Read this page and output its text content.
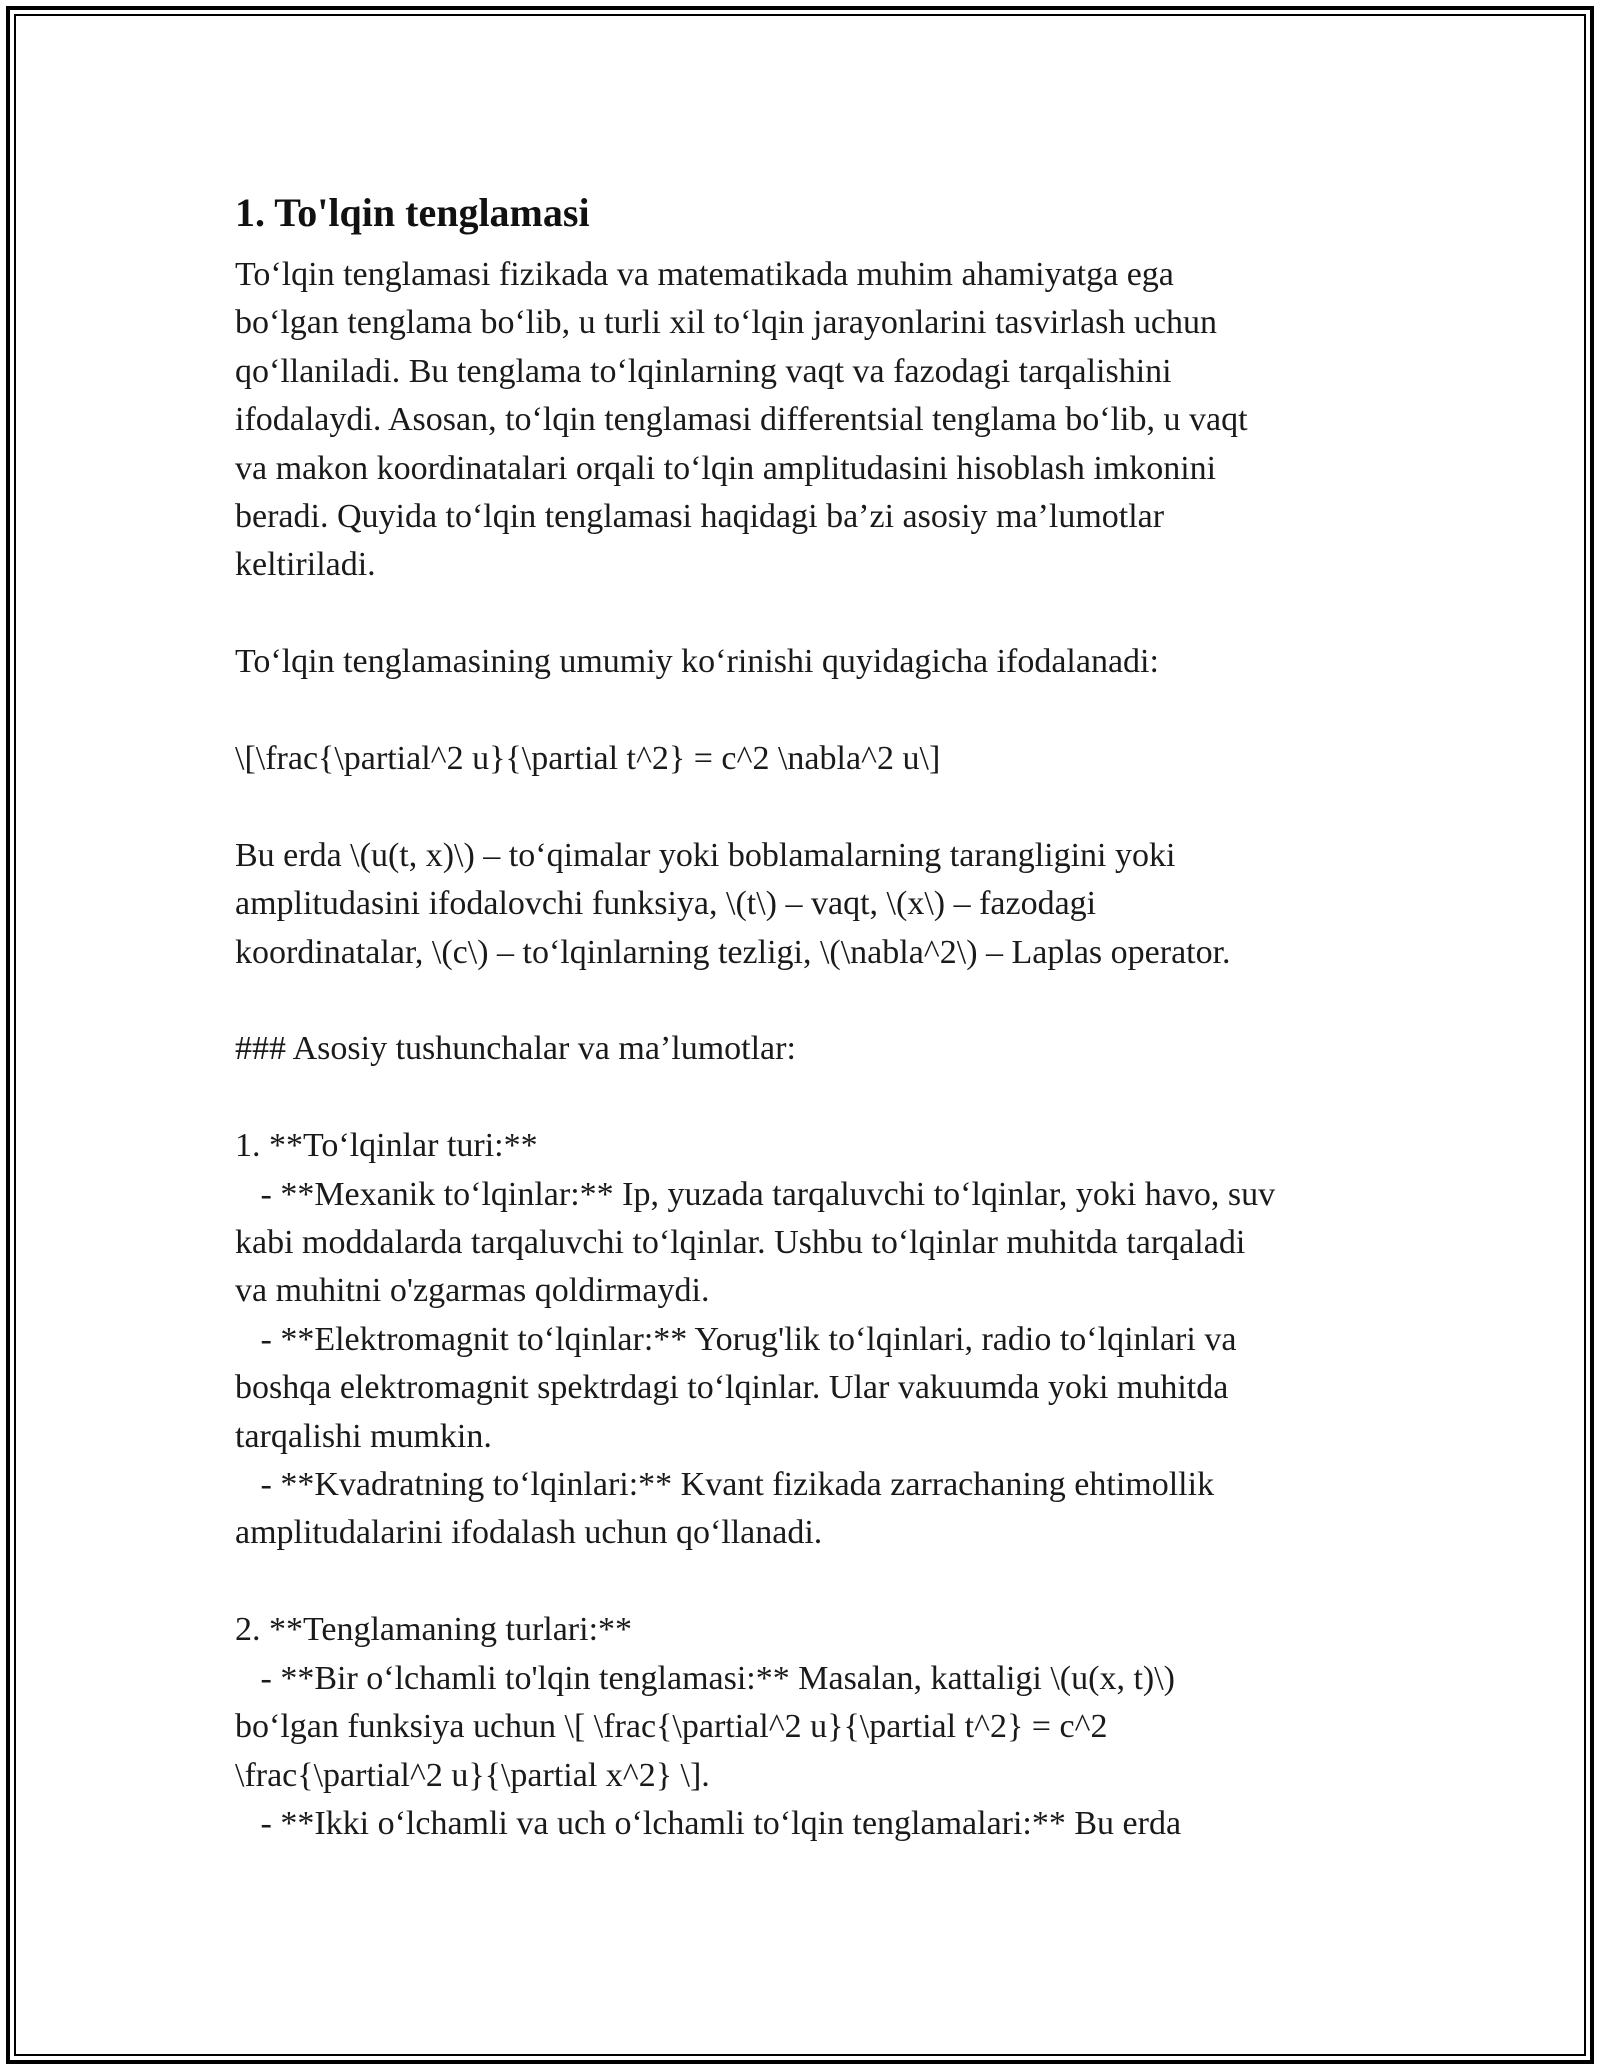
1. To'lqin tenglamasi
To‘lqin tenglamasi fizikada va matematikada muhim ahamiyatga ega
bo‘lgan tenglama bo‘lib, u turli xil to‘lqin jarayonlarini tasvirlash uchun
qo‘llaniladi. Bu tenglama to‘lqinlarning vaqt va fazodagi tarqalishini
ifodalaydi. Asosan, to‘lqin tenglamasi differentsial tenglama bo‘lib, u vaqt
va makon koordinatalari orqali to‘lqin amplitudasini hisoblash imkonini
beradi. Quyida to‘lqin tenglamasi haqidagi ba’zi asosiy ma’lumotlar
keltiriladi.
To‘lqin tenglamasining umumiy ko‘rinishi quyidagicha ifodalanadi:
\[\frac{\partial^2 u}{\partial t^2} = c^2 \nabla^2 u\]
Bu erda \(u(t, x)\) – to‘qimalar yoki boblamalarning tarangligini yoki
amplitudasini ifodalovchi funksiya, \(t\) – vaqt, \(x\) – fazodagi
koordinatalar, \(c\) – to‘lqinlarning tezligi, \(\nabla^2\) – Laplas operator.
### Asosiy tushunchalar va ma’lumotlar:
1. **To‘lqinlar turi:**
- **Mexanik to‘lqinlar:** Ip, yuzada tarqaluvchi to‘lqinlar, yoki havo, suv
kabi moddalarda tarqaluvchi to‘lqinlar. Ushbu to‘lqinlar muhitda tarqaladi
va muhitni o'zgarmas qoldirmaydi.
- **Elektromagnit to‘lqinlar:** Yorug'lik to‘lqinlari, radio to‘lqinlari va
boshqa elektromagnit spektrdagi to‘lqinlar. Ular vakuumda yoki muhitda
tarqalishi mumkin.
- **Kvadratning to‘lqinlari:** Kvant fizikada zarrachaning ehtimollik
amplitudalarini ifodalash uchun qo‘llanadi.
2. **Tenglamaning turlari:**
- **Bir o‘lchamli to'lqin tenglamasi:** Masalan, kattaligi \(u(x, t)\)
bo‘lgan funksiya uchun \[ \frac{\partial^2 u}{\partial t^2} = c^2
\frac{\partial^2 u}{\partial x^2} \].
- **Ikki o‘lchamli va uch o‘lchamli to‘lqin tenglamalari:** Bu erda
